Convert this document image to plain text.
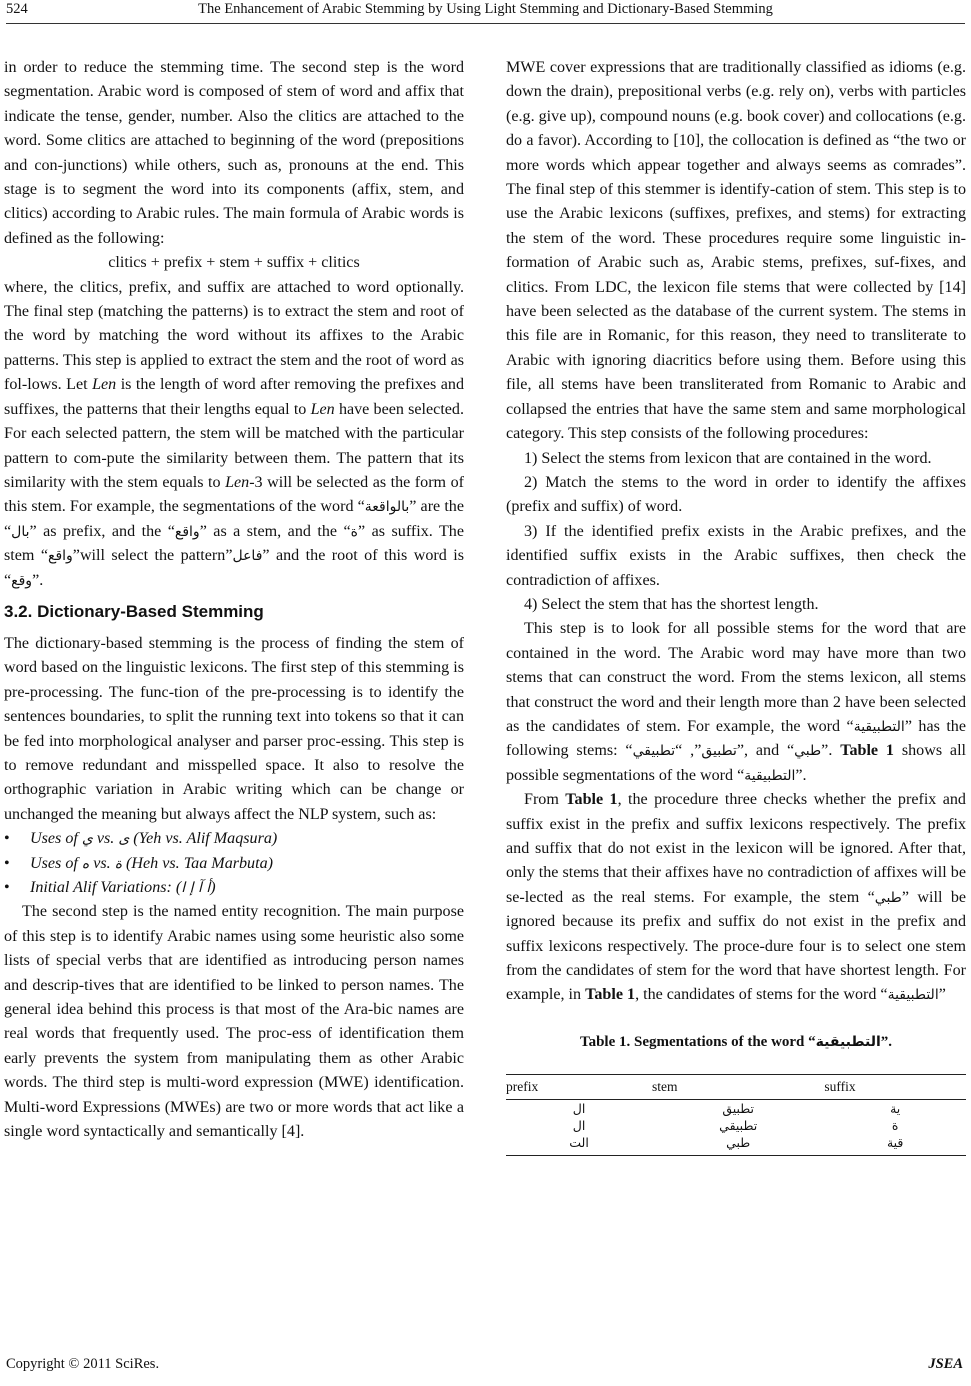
524	The Enhancement of Arabic Stemming by Using Light Stemming and Dictionary-Based Stemming

in order to reduce the stemming time. The second step is the word segmentation. Arabic word is composed of stem of word and affix that indicate the tense, gender, number. Also the clitics are attached to the word. Some clitics are attached to beginning of the word (prepositions and con-junctions) while others, such as, pronouns at the end. This stage is to segment the word into its components (affix, stem, and clitics) according to Arabic rules. The main formula of Arabic words is defined as the following:

clitics + prefix + stem + suffix + clitics

where, the clitics, prefix, and suffix are attached to word optionally. The final step (matching the patterns) is to extract the stem and root of the word by matching the word without its affixes to the Arabic patterns. This step is applied to extract the stem and the root of word as fol-lows. Let Len is the length of word after removing the prefixes and suffixes, the patterns that their lengths equal to Len have been selected. For each selected pattern, the stem will be matched with the particular pattern to com-pute the similarity between them. The pattern that its similarity with the stem equals to Len-3 will be selected as the form of this stem. For example, the segmentations of the word “بالواقعة” are the “بال” as prefix, and the “واقع” as a stem, and the “ة” as suffix. The stem “واقع”will select the pattern”فاعل” and the root of this word is “وقع”.

3.2. Dictionary-Based Stemming

The dictionary-based stemming is the process of finding the stem of word based on the linguistic lexicons. The first step of this stemming is pre-processing. The func-tion of the pre-processing is to identify the sentences boundaries, to split the running text into tokens so that it can be fed into morphological analyser and parser proc-essing. This step is to remove redundant and misspelled space. It also to resolve the orthographic variation in Arabic writing which can be change or unchanged the meaning but always affect the NLP system, such as:

• Uses of ي vs. ى (Yeh vs. Alif Maqsura)
• Uses of ه vs. ة (Heh vs. Taa Marbuta)
• Initial Alif Variations: (أ آ إ ا)

The second step is the named entity recognition. The main purpose of this step is to identify Arabic names using some heuristic also some lists of special verbs that are identified as introducing person names and descrip-tives that are identified to be linked to person names. The general idea behind this process is that most of the Ara-bic names are real words that frequently used. The proc-ess of identification them early prevents the system from manipulating them as other Arabic words. The third step is multi-word expression (MWE) identification. Multi-word Expressions (MWEs) are two or more words that act like a single word syntactically and semantically [4].

MWE cover expressions that are traditionally classified as idioms (e.g. down the drain), prepositional verbs (e.g. rely on), verbs with particles (e.g. give up), compound nouns (e.g. book cover) and collocations (e.g. do a favor). According to [10], the collocation is defined as “the two or more words which appear together and always seems as comrades”. The final step of this stemmer is identify-cation of stem. This step is to use the Arabic lexicons (suffixes, prefixes, and stems) for extracting the stem of the word. These procedures require some linguistic in-formation of Arabic such as, Arabic stems, prefixes, suf-fixes, and clitics. From LDC, the lexicon file stems that were collected by [14] have been selected as the database of the current system. The stems in this file are in Romanic, for this reason, they need to transliterate to Arabic with ignoring diacritics before using them. Before using this file, all stems have been transliterated from Romanic to Arabic and collapsed the entries that have the same stem and same morphological category. This step consists of the following procedures:

1) Select the stems from lexicon that are contained in the word.

2) Match the stems to the word in order to identify the affixes (prefix and suffix) of word.

3) If the identified prefix exists in the Arabic prefixes, and the identified suffix exists in the Arabic suffixes, then check the contradiction of affixes.

4) Select the stem that has the shortest length.

This step is to look for all possible stems for the word that are contained in the word. The Arabic word may have more than two stems that can construct the word. From the stems lexicon, all stems that construct the word and their length more than 2 have been selected as the candidates of stem. For example, the word “التطبيقية” has the following stems: “	تطبيق”, “تطبيقي	”, and “طبي”. Table 1 shows all possible segmentations of the word “التطبيقية”.

From Table 1, the procedure three checks whether the prefix and suffix exist in the prefix and suffix lexicons respectively. The prefix and suffix that do not exist in the lexicon will be ignored. After that, only the stems that their affixes have no contradiction of affixes will be se-lected as the real stems. For example, the stem “طبي” will be ignored because its prefix and suffix do not exist in the prefix and suffix lexicons respectively. The proce-dure four is to select one stem from the candidates of stem for the word that have shortest length. For example, in Table 1, the candidates of stems for the word “التطبيقية”

Table 1. Segmentations of the word “التطبيقية”.
prefix	stem	suffix
ال	تطبيق	ية
ال	تطبيقي	ة
الت	طبي	قية
Copyright © 2011 SciRes.	JSEA
